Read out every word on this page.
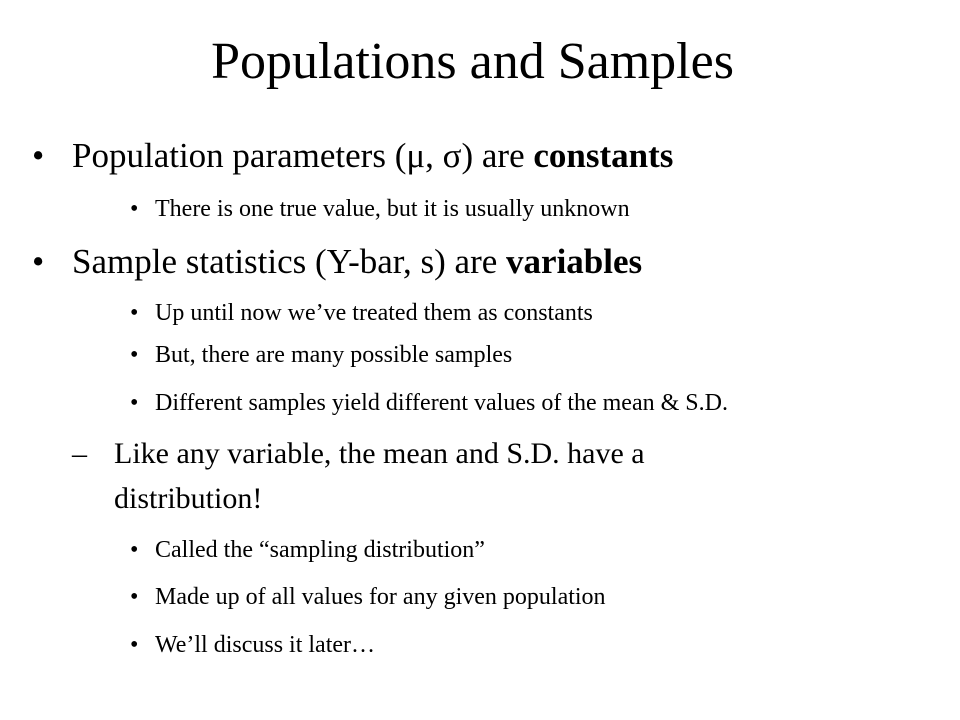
Populations and Samples
• Population parameters (μ, σ) are constants
• There is one true value, but it is usually unknown
• Sample statistics (Y-bar, s) are variables
• Up until now we’ve treated them as constants
• But, there are many possible samples
• Different samples yield different values of the mean & S.D.
– Like any variable, the mean and S.D. have a
distribution!
• Called the “sampling distribution”
• Made up of all values for any given population
• We’ll discuss it later…
